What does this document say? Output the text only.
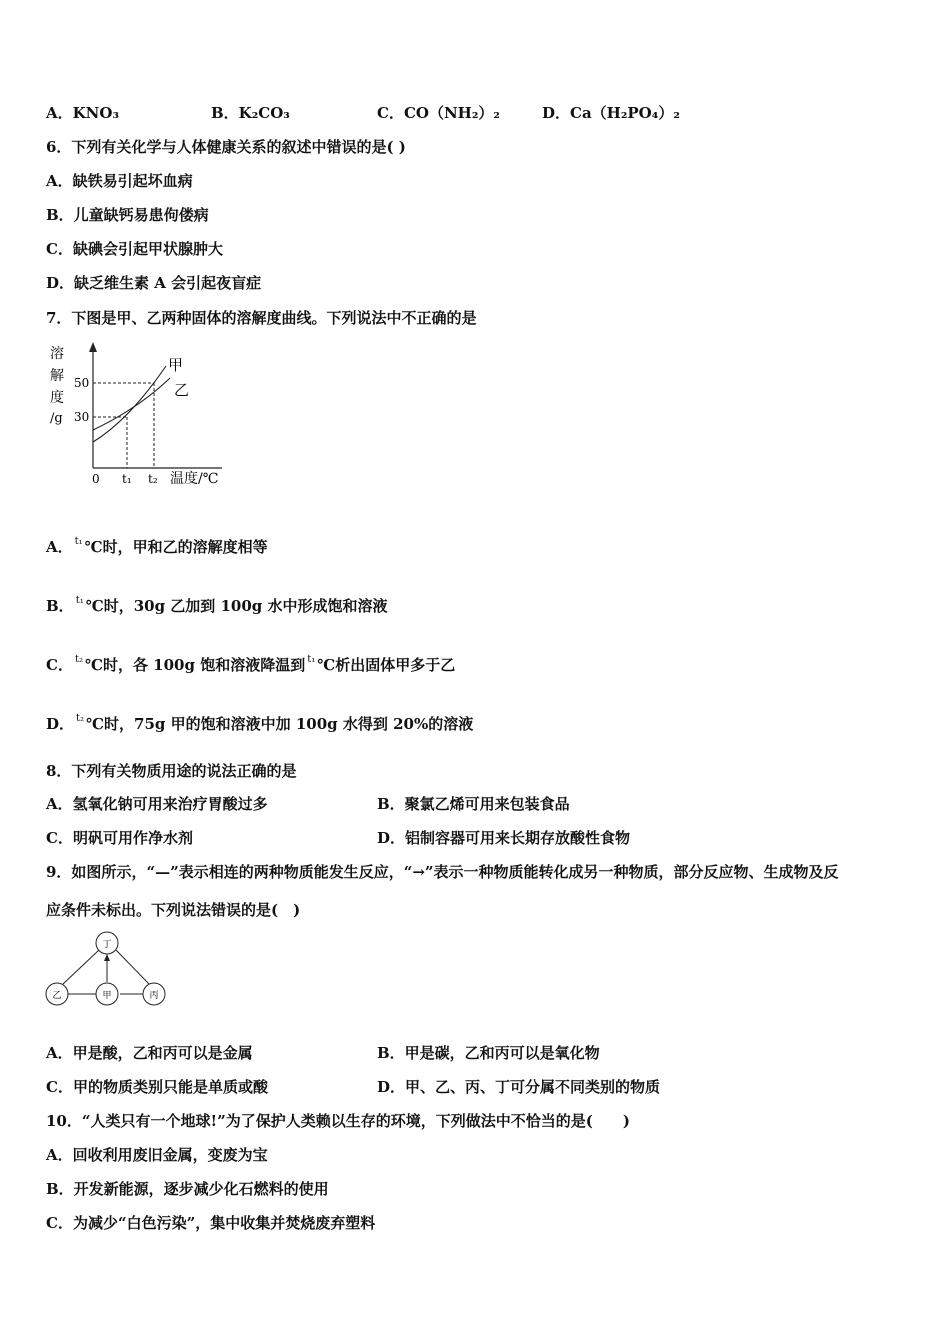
A．KNO₃	B．K₂CO₃	C．CO（NH₂）₂	D．Ca（H₂PO₄）₂
6．下列有关化学与人体健康关系的叙述中错误的是( )
A．缺铁易引起坏血病
B．儿童缺钙易患佝偻病
C．缺碘会引起甲状腺肿大
D．缺乏维生素 A 会引起夜盲症
7．下图是甲、乙两种固体的溶解度曲线。下列说法中不正确的是
溶
解
度
/g
50
30
甲
乙
0 t₁ t₂ 温度/℃
A． $^{t_1}$ ℃时，甲和乙的溶解度相等
B． $^{t_1}$ ℃时，30g 乙加到 100g 水中形成饱和溶液
C． $^{t_2}$ ℃时，各 100g 饱和溶液降温到 $^{t_1}$ ℃析出固体甲多于乙
D． $^{t_2}$ ℃时，75g 甲的饱和溶液中加 100g 水得到 20%的溶液
8．下列有关物质用途的说法正确的是
A．氢氧化钠可用来治疗胃酸过多	B．聚氯乙烯可用来包装食品
C．明矾可用作净水剂	D．铝制容器可用来长期存放酸性食物
9．如图所示，“—”表示相连的两种物质能发生反应，“→”表示一种物质能转化成另一种物质，部分反应物、生成物及反
应条件未标出。下列说法错误的是(　)
丁
乙	甲	丙
A．甲是酸，乙和丙可以是金属	B．甲是碳，乙和丙可以是氧化物
C．甲的物质类别只能是单质或酸	D．甲、乙、丙、丁可分属不同类别的物质
10．“人类只有一个地球!”为了保护人类赖以生存的环境，下列做法中不恰当的是(　　)
A．回收利用废旧金属，变废为宝
B．开发新能源，逐步减少化石燃料的使用
C．为减少“白色污染”，集中收集并焚烧废弃塑料
